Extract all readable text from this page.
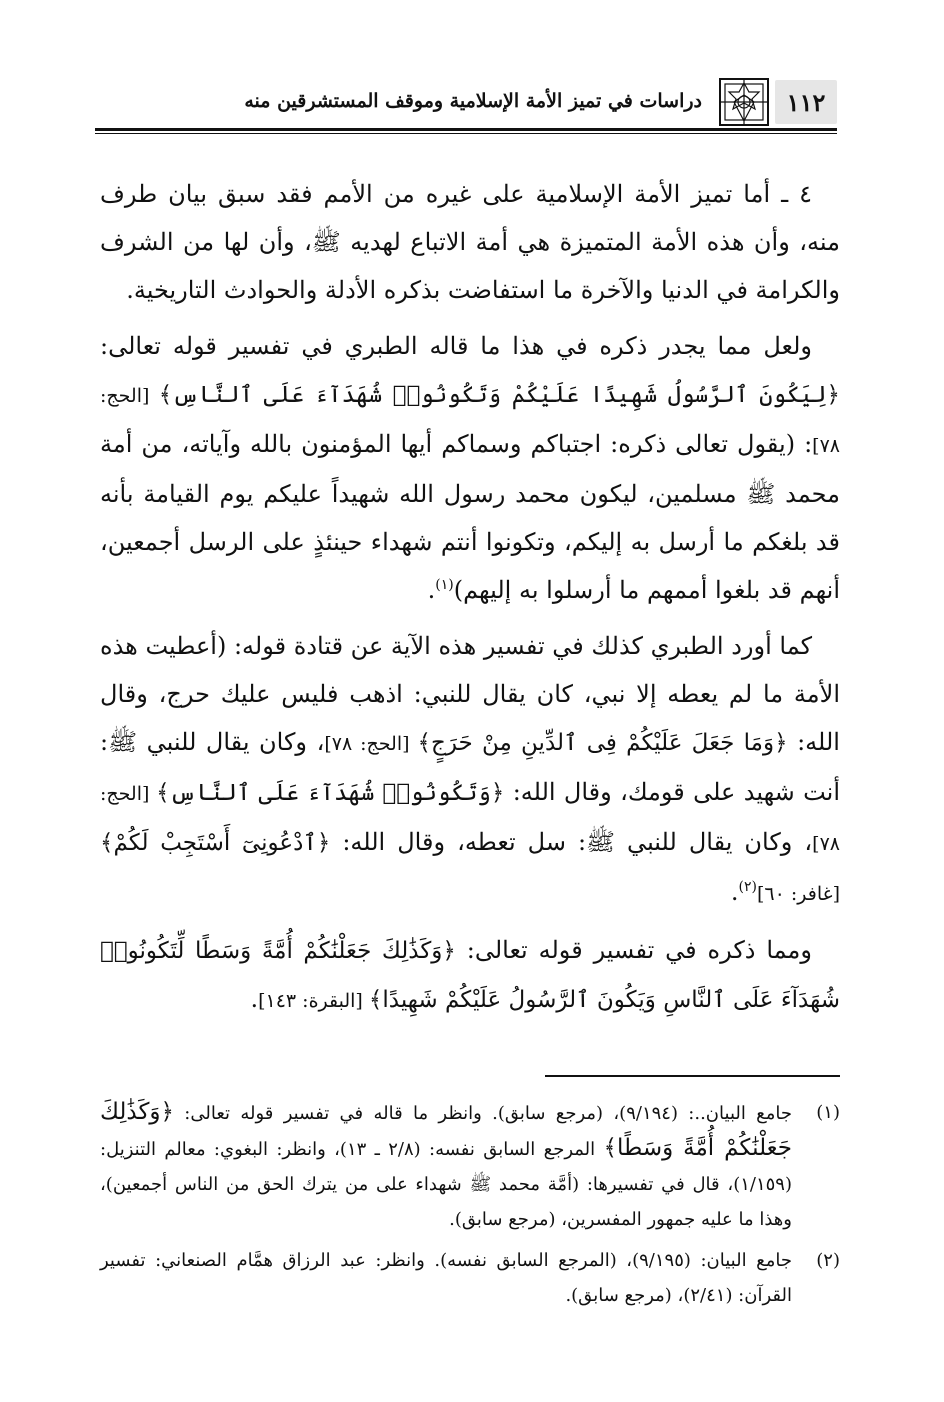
١١٢
دراسات في تميز الأمة الإسلامية وموقف المستشرقين منه

٤ ـ أما تميز الأمة الإسلامية على غيره من الأمم فقد سبق بيان طرف منه، وأن هذه الأمة المتميزة هي أمة الاتباع لهديه ﷺ، وأن لها من الشرف والكرامة في الدنيا والآخرة ما استفاضت بذكره الأدلة والحوادث التاريخية.

ولعل مما يجدر ذكره في هذا ما قاله الطبري في تفسير قوله تعالى: ﴿لِيَكُونَ ٱلرَّسُولُ شَهِيدًا عَلَيْكُمْ وَتَكُونُوا۟ شُهَدَآءَ عَلَى ٱلنَّاسِ﴾ [الحج: ٧٨]: (يقول تعالى ذكره: اجتباكم وسماكم أيها المؤمنون بالله وآياته، من أمة محمد ﷺ مسلمين، ليكون محمد رسول الله شهيداً عليكم يوم القيامة بأنه قد بلغكم ما أرسل به إليكم، وتكونوا أنتم شهداء حينئذٍ على الرسل أجمعين، أنهم قد بلغوا أممهم ما أرسلوا به إليهم)$^{(١)}$.

كما أورد الطبري كذلك في تفسير هذه الآية عن قتادة قوله: (أعطيت هذه الأمة ما لم يعطه إلا نبي، كان يقال للنبي: اذهب فليس عليك حرج، وقال الله: ﴿وَمَا جَعَلَ عَلَيْكُمْ فِى ٱلدِّينِ مِنْ حَرَجٍ﴾ [الحج: ٧٨]، وكان يقال للنبي ﷺ: أنت شهيد على قومك، وقال الله: ﴿وَتَكُونُوا۟ شُهَدَآءَ عَلَى ٱلنَّاسِ﴾ [الحج: ٧٨]، وكان يقال للنبي ﷺ: سل تعطه، وقال الله: ﴿ٱدْعُونِىٓ أَسْتَجِبْ لَكُمْ﴾ [غافر: ٦٠]$^{(٢)}$.

ومما ذكره في تفسير قوله تعالى: ﴿وَكَذَٰلِكَ جَعَلْنَٰكُمْ أُمَّةً وَسَطًا لِّتَكُونُوا۟ شُهَدَآءَ عَلَى ٱلنَّاسِ وَيَكُونَ ٱلرَّسُولُ عَلَيْكُمْ شَهِيدًا﴾ [البقرة: ١٤٣].

(١)
جامع البيان..: (٩/١٩٤)، (مرجع سابق). وانظر ما قاله في تفسير قوله تعالى: ﴿وَكَذَٰلِكَ جَعَلْنَٰكُمْ أُمَّةً وَسَطًا﴾ المرجع السابق نفسه: (٢/٨ ـ ١٣)، وانظر: البغوي: معالم التنزيل: (١/١٥٩)، قال في تفسيرها: (أمَّة محمد ﷺ شهداء على من يترك الحق من الناس أجمعين)، وهذا ما عليه جمهور المفسرين، (مرجع سابق).
(٢)
جامع البيان: (٩/١٩٥)، (المرجع السابق نفسه). وانظر: عبد الرزاق همَّام الصنعاني: تفسير القرآن: (٢/٤١)، (مرجع سابق).
